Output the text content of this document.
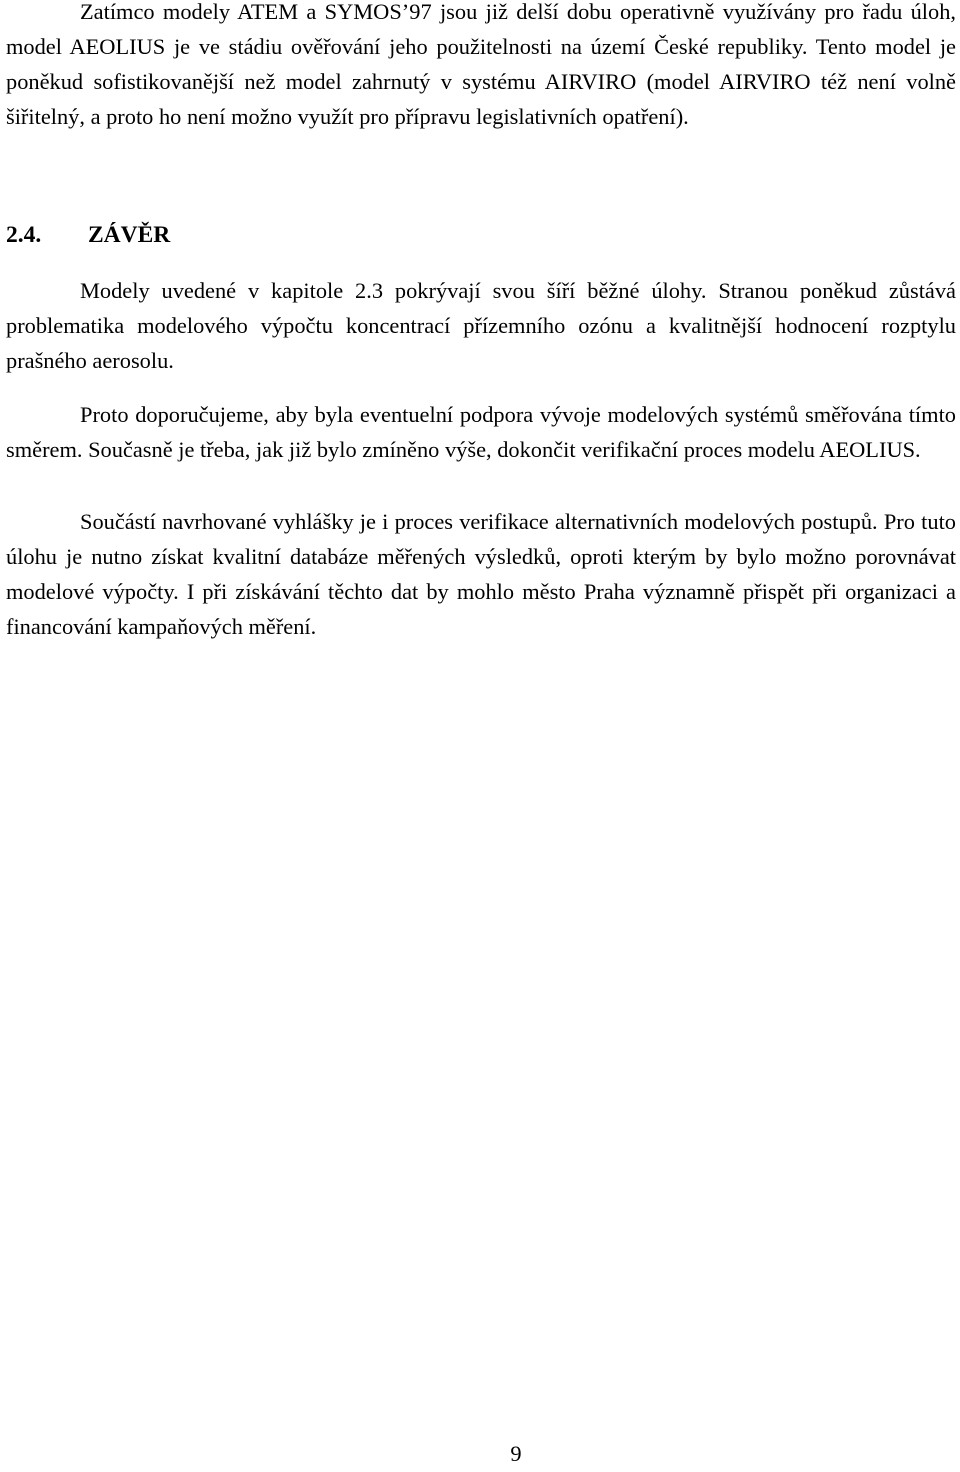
Zatímco modely ATEM a SYMOS’97 jsou již delší dobu operativně využívány pro řadu úloh, model AEOLIUS je ve stádiu ověřování jeho použitelnosti na území České republiky. Tento model je poněkud sofistikovanější než model zahrnutý v systému AIRVIRO (model AIRVIRO též není volně šiřitelný, a proto ho není možno využít pro přípravu legislativních opatření).

2.4. ZÁVĚR

Modely uvedené v kapitole 2.3 pokrývají svou šíří běžné úlohy. Stranou poněkud zůstává problematika modelového výpočtu koncentrací přízemního ozónu a kvalitnější hodnocení rozptylu prašného aerosolu.

Proto doporučujeme, aby byla eventuelní podpora vývoje modelových systémů směřována tímto směrem. Současně je třeba, jak již bylo zmíněno výše, dokončit verifikační proces modelu AEOLIUS.

Součástí navrhované vyhlášky je i proces verifikace alternativních modelových postupů. Pro tuto úlohu je nutno získat kvalitní databáze měřených výsledků, oproti kterým by bylo možno porovnávat modelové výpočty. I při získávání těchto dat by mohlo město Praha významně přispět při organizaci a financování kampaňových měření.

9
